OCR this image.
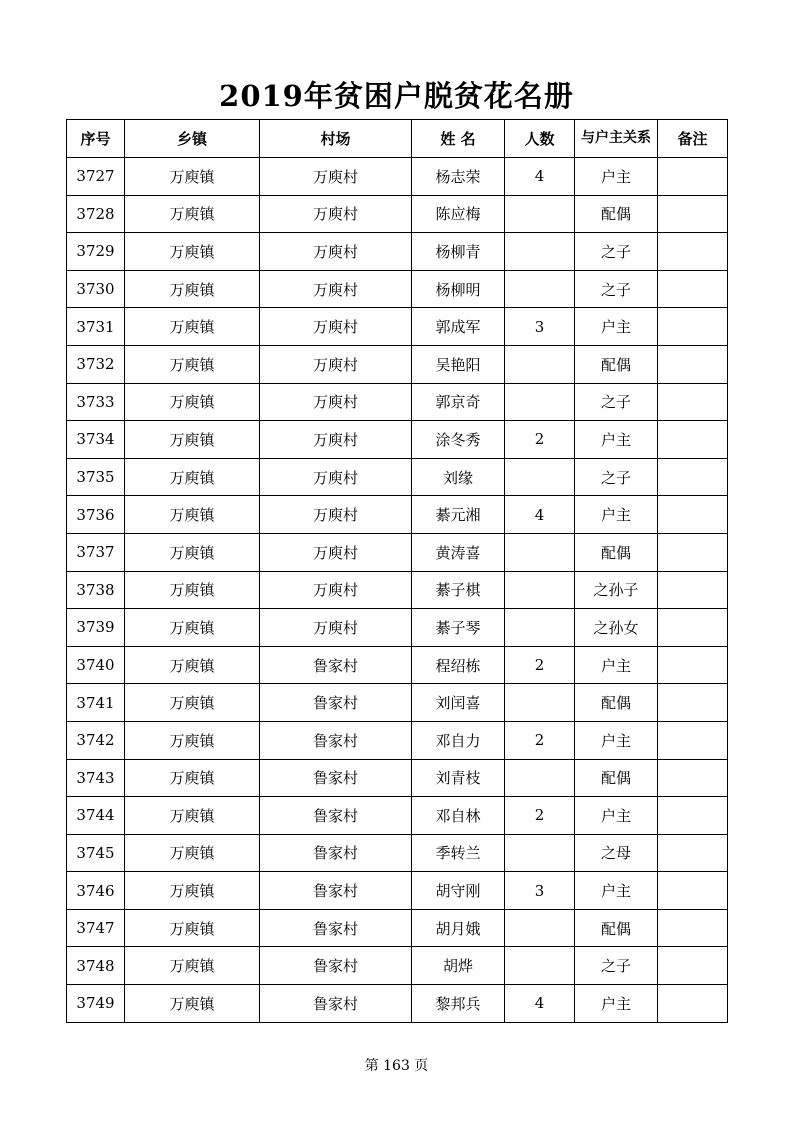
2019年贫困户脱贫花名册
序号	乡镇	村场	姓 名	人数	与户主关系	备注
3727	万庾镇	万庾村	杨志荣	4	户主	
3728	万庾镇	万庾村	陈应梅		配偶	
3729	万庾镇	万庾村	杨柳青		之子	
3730	万庾镇	万庾村	杨柳明		之子	
3731	万庾镇	万庾村	郭成军	3	户主	
3732	万庾镇	万庾村	吴艳阳		配偶	
3733	万庾镇	万庾村	郭京奇		之子	
3734	万庾镇	万庾村	涂冬秀	2	户主	
3735	万庾镇	万庾村	刘缘		之子	
3736	万庾镇	万庾村	綦元湘	4	户主	
3737	万庾镇	万庾村	黄涛喜		配偶	
3738	万庾镇	万庾村	綦子棋		之孙子	
3739	万庾镇	万庾村	綦子琴		之孙女	
3740	万庾镇	鲁家村	程绍栋	2	户主	
3741	万庾镇	鲁家村	刘闰喜		配偶	
3742	万庾镇	鲁家村	邓自力	2	户主	
3743	万庾镇	鲁家村	刘青枝		配偶	
3744	万庾镇	鲁家村	邓自林	2	户主	
3745	万庾镇	鲁家村	季转兰		之母	
3746	万庾镇	鲁家村	胡守刚	3	户主	
3747	万庾镇	鲁家村	胡月娥		配偶	
3748	万庾镇	鲁家村	胡烨		之子	
3749	万庾镇	鲁家村	黎邦兵	4	户主	
第 163 页
